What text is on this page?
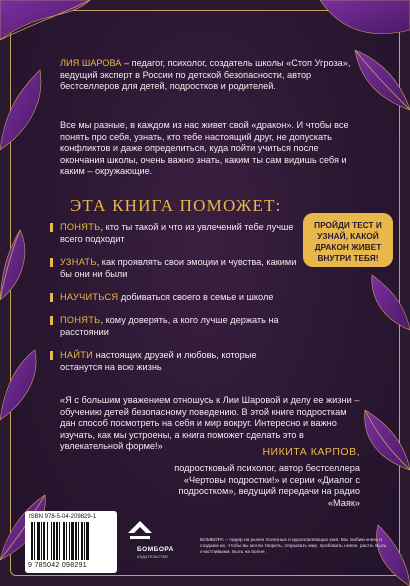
ЛИЯ ШАРОВА – педагог, психолог, создатель школы «Стоп Угроза», ведущий эксперт в России по детской безопасности, автор бестселлеров для детей, подростков и родителей.
Все мы разные, в каждом из нас живет свой «дракон». И чтобы все понять про себя, узнать, кто тебе настоящий друг, не допускать конфликтов и даже определиться, куда пойти учиться после окончания школы, очень важно знать, каким ты сам видишь себя и каким – окружающие.
ЭТА КНИГА ПОМОЖЕТ:
ПОНЯТЬ, кто ты такой и что из увлечений тебе лучше всего подходит
УЗНАТЬ, как проявлять свои эмоции и чувства, какими бы они ни были
НАУЧИТЬСЯ добиваться своего в семье и школе
ПОНЯТЬ, кому доверять, а кого лучше держать на расстоянии
НАЙТИ настоящих друзей и любовь, которые останутся на всю жизнь
ПРОЙДИ ТЕСТ И УЗНАЙ, КАКОЙ ДРАКОН ЖИВЕТ ВНУТРИ ТЕБЯ!
«Я с большим уважением отношусь к Лии Шаровой и делу ее жизни – обучению детей безопасному поведению. В этой книге подросткам дан способ посмотреть на себя и мир вокруг. Интересно и важно изучать, как мы устроены, а книга поможет сделать это в увлекательной форме!»	НИКИТА КАРПОВ,
подростковый психолог, автор бестселлера «Чертовы подростки!» и серии «Диалог с подростком», ведущий передачи на радио «Маяк»
ISBN 978-5-04-209829-1
9 785042 098291
БОМБОРА
ИЗДАТЕЛЬСТВО
БОМБОРА – лидер на рынке полезных и вдохновляющих книг. Мы любим книги и создаем их, чтобы вы могли творить, открывать мир, пробовать новое, расти. Быть счастливыми. Быть на волне.
